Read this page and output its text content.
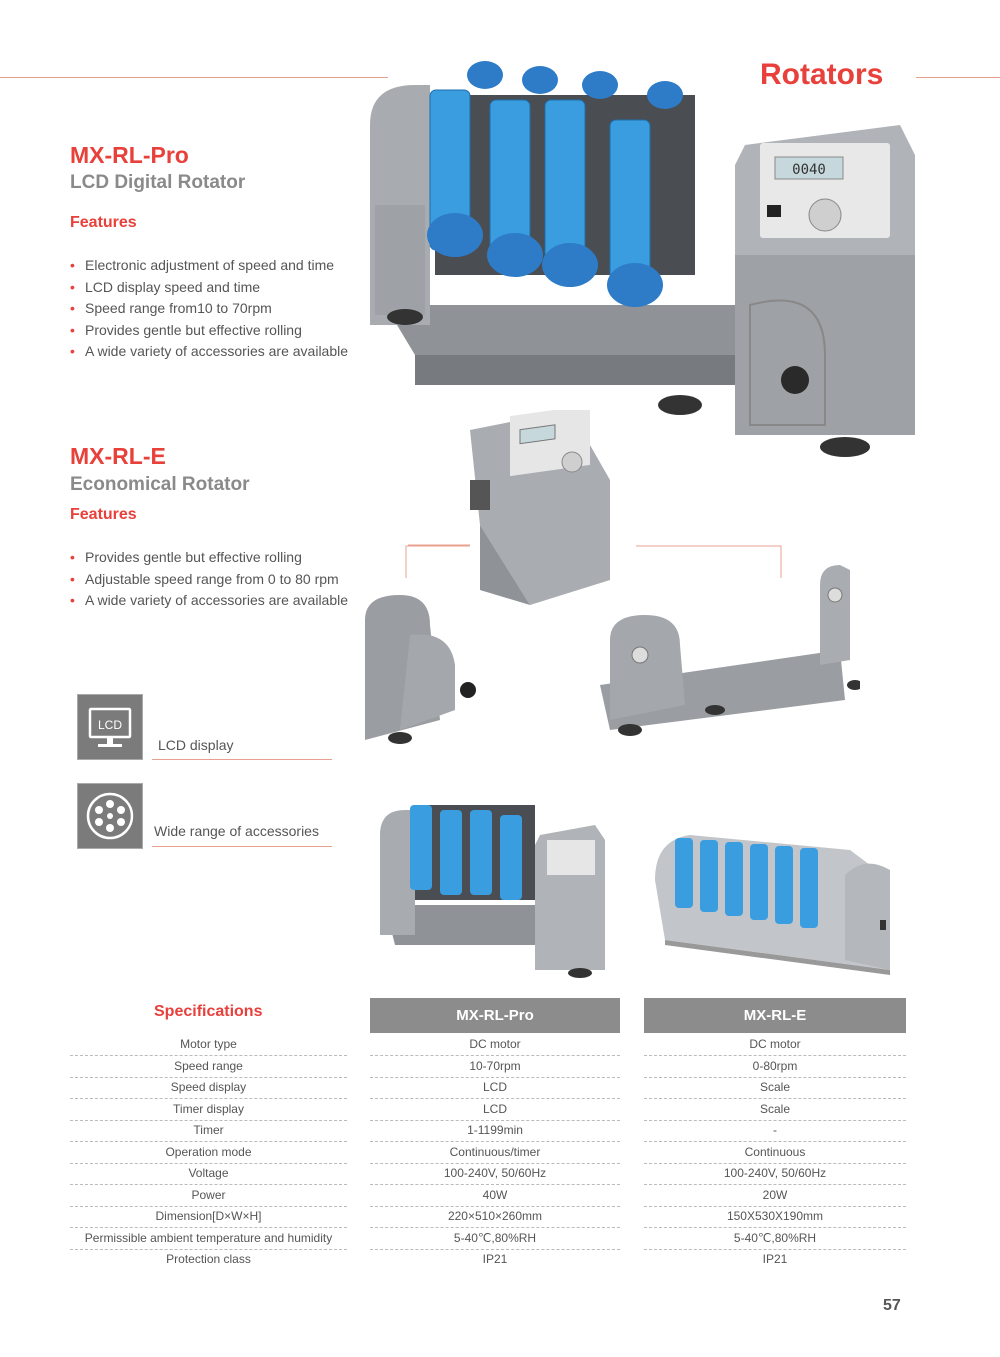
Rotators
MX-RL-Pro
LCD Digital Rotator
Features
• Electronic adjustment of speed and time
• LCD display speed and time
• Speed range from10 to 70rpm
• Provides gentle but effective rolling
• A wide variety of accessories are available
MX-RL-E
Economical Rotator
Features
• Provides gentle but effective rolling
• Adjustable speed range from 0 to 80 rpm
• A wide variety of accessories are available
LCD
LCD display
Wide range of accessories
0040
Specifications	MX-RL-Pro	MX-RL-E
Motor type	DC motor	DC motor
Speed range	10-70rpm	0-80rpm
Speed display	LCD	Scale
Timer display	LCD	Scale
Timer	1-1199min	-
Operation mode	Continuous/timer	Continuous
Voltage	100-240V, 50/60Hz	100-240V, 50/60Hz
Power	40W	20W
Dimension[D×W×H]	220×510×260mm	150X530X190mm
Permissible ambient temperature and humidity	5-40℃,80%RH	5-40℃,80%RH
Protection class	IP21	IP21
57
